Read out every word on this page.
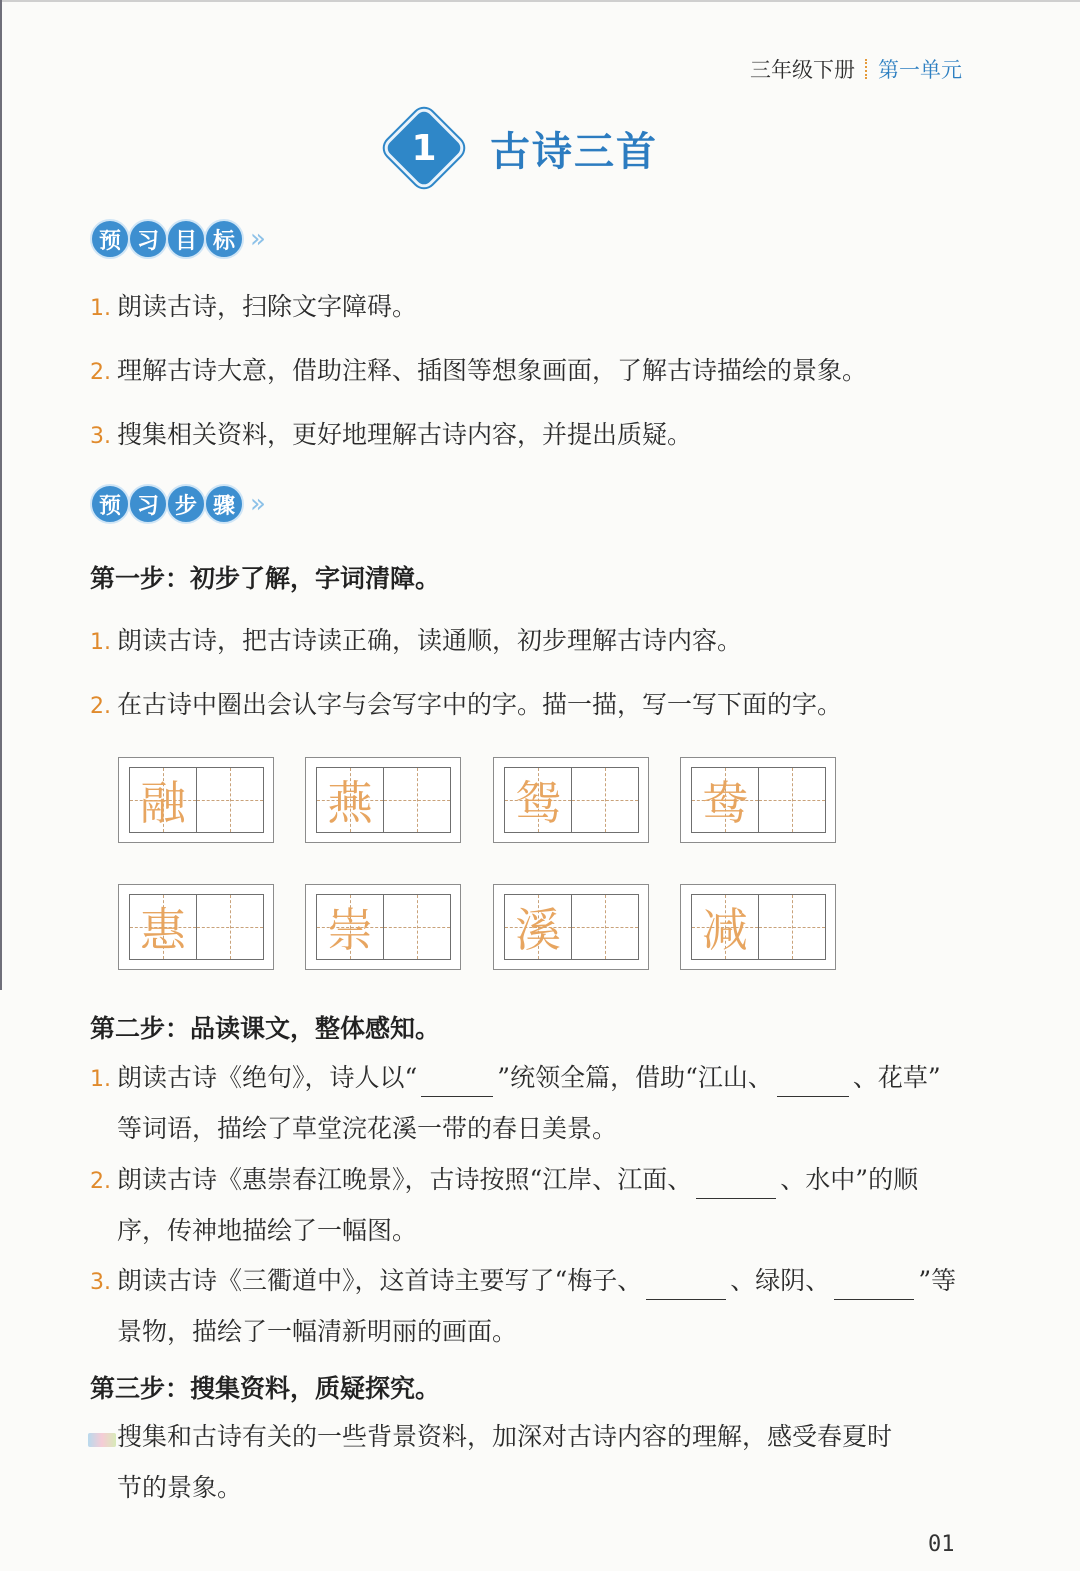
三年级下册 第一单元
1	古诗三首
预 习 目 标 »
1. 朗读古诗，扫除文字障碍。
2. 理解古诗大意，借助注释、插图等想象画面，了解古诗描绘的景象。
3. 搜集相关资料，更好地理解古诗内容，并提出质疑。
预 习 步 骤 »
第一步：初步了解，字词清障。
1. 朗读古诗，把古诗读正确，读通顺，初步理解古诗内容。
2. 在古诗中圈出会认字与会写字中的字。描一描，写一写下面的字。
融	燕	鸳	鸯
惠	崇	溪	减
第二步：品读课文，整体感知。
1. 朗读古诗《绝句》，诗人以“	”统领全篇，借助“江山、	、花草”
等词语，描绘了草堂浣花溪一带的春日美景。
2. 朗读古诗《惠崇春江晚景》，古诗按照“江岸、江面、	、水中”的顺
序，传神地描绘了一幅图。
3. 朗读古诗《三衢道中》，这首诗主要写了“梅子、	、绿阴、	”等
景物，描绘了一幅清新明丽的画面。
第三步：搜集资料，质疑探究。
搜集和古诗有关的一些背景资料，加深对古诗内容的理解，感受春夏时
节的景象。
01
